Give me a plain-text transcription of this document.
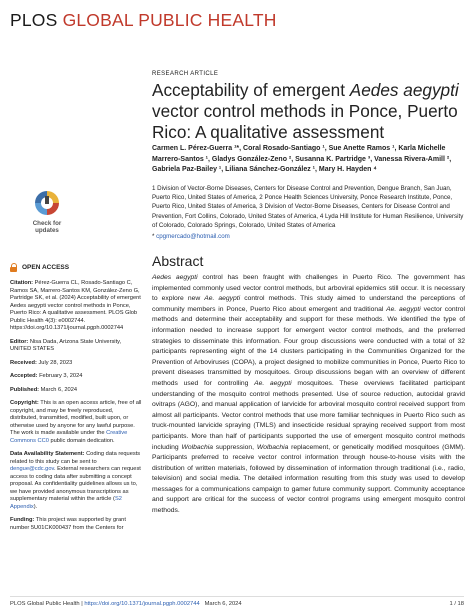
PLOS GLOBAL PUBLIC HEALTH
Check for
updates
RESEARCH ARTICLE
Acceptability of emergent Aedes aegypti vector control methods in Ponce, Puerto Rico: A qualitative assessment
Carmen L. Pérez-Guerra ¹*, Coral Rosado-Santiago ¹, Sue Anette Ramos ¹, Karla Michelle Marrero-Santos ¹, Gladys González-Zeno ², Susanna K. Partridge ³, Vanessa Rivera-Amill ², Gabriela Paz-Bailey ¹, Liliana Sánchez-González ¹, Mary H. Hayden ⁴
1 Division of Vector-Borne Diseases, Centers for Disease Control and Prevention, Dengue Branch, San Juan, Puerto Rico, United States of America, 2 Ponce Health Sciences University, Ponce Research Institute, Ponce, Puerto Rico, United States of America, 3 Division of Vector-Borne Diseases, Centers for Disease Control and Prevention, Fort Collins, Colorado, United States of America, 4 Lyda Hill Institute for Human Resilience, University of Colorado, Colorado Springs, Colorado, United States of America
* cpgmercado@hotmail.com
OPEN ACCESS
Citation: Pérez-Guerra CL, Rosado-Santiago C, Ramos SA, Marrero-Santos KM, González-Zeno G, Partridge SK, et al. (2024) Acceptability of emergent Aedes aegypti vector control methods in Ponce, Puerto Rico: A qualitative assessment. PLOS Glob Public Health 4(3): e0002744. https://doi.org/10.1371/journal.pgph.0002744
Editor: Nisa Dada, Arizona State University, UNITED STATES
Received: July 28, 2023
Accepted: February 3, 2024
Published: March 6, 2024
Copyright: This is an open access article, free of all copyright, and may be freely reproduced, distributed, transmitted, modified, built upon, or otherwise used by anyone for any lawful purpose. The work is made available under the Creative Commons CC0 public domain dedication.
Data Availability Statement: Coding data requests related to this study can be sent to dengue@cdc.gov. External researchers can request access to coding data after submitting a concept proposal. As confidentiality guidelines allows us to, we have provided anonymous transcriptions as supplementary material within the article (S2 Appendix).
Funding: This project was supported by grant number 5U01CK000437 from the Centers for
Abstract

Aedes aegypti control has been fraught with challenges in Puerto Rico. The government has implemented commonly used vector control methods, but arboviral epidemics still occur. It is necessary to explore new Ae. aegypti control methods. This study aimed to understand the perceptions of community members in Ponce, Puerto Rico about emergent and traditional Ae. aegypti vector control methods and determine their acceptability and support for these methods. We identified the type of information needed to increase support for emergent vector control methods, and the preferred strategies to disseminate this information. Four group discussions were conducted with a total of 32 participants representing eight of the 14 clusters participating in the Communities Organized for the Prevention of Arboviruses (COPA), a project designed to mobilize communities in Ponce, Puerto Rico to prevent diseases transmitted by mosquitoes. Group discussions began with an overview of different methods used for controlling Ae. aegypti mosquitoes. These overviews facilitated participant understanding of the mosquito control methods presented. Use of source reduction, autocidal gravid ovitraps (AGO), and manual application of larvicide for arboviral mosquito control received support from almost all participants. Vector control methods that use more familiar techniques in Puerto Rico such as truck-mounted larvicide spraying (TMLS) and insecticide residual spraying received support from most participants. More than half of participants supported the use of emergent mosquito control methods including Wolbachia suppression, Wolbachia replacement, or genetically modified mosquitoes (GMM). Participants preferred to receive vector control information through house-to-house visits with the distribution of written materials, followed by dissemination of information through traditional (i.e., radio, television) and social media. The detailed information resulting from this study was used to develop messages for a communications campaign to gamer future community support. Community acceptance and support are critical for the success of vector control programs using emergent mosquito control methods.

PLOS Global Public Health | https://doi.org/10.1371/journal.pgph.0002744 March 6, 2024	1 / 18
